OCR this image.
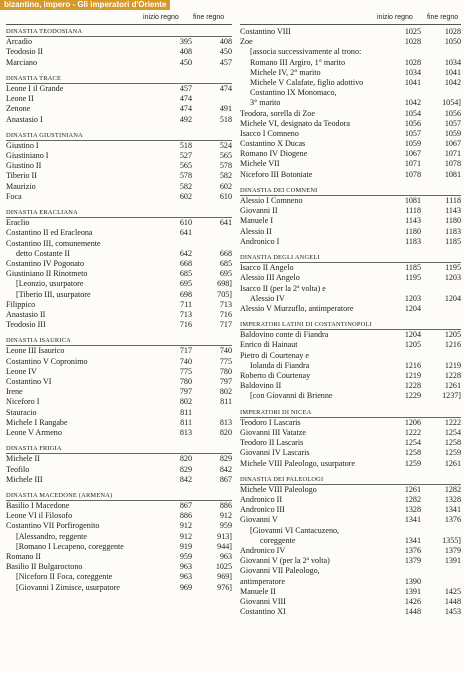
bizantino, impero - Gli imperatori d'Oriente
inizio regno fine regno	inizio regno fine regno
DINASTIA TEODOSIANA
Arcadio	395	408
Teodosio II	408	450
Marciano	450	457
DINASTIA TRACE
Leone I il Grande	457	474
Leone II	474
Zenone	474	491
Anastasio I	492	518
DINASTIA GIUSTINIANA
Giustino I	518	524
Giustiniano I	527	565
Giustino II	565	578
Tiberio II	578	582
Maurizio	582	602
Foca	602	610
DINASTIA ERACLIANA
Eraclio	610	641
Costantino II ed Eracleona	641
Costantino III, comunemente
detto Costante II	642	668
Costantino IV Pogonato	668	685
Giustiniano II Rinotmeto	685	695
[Leonzio, usurpatore	695	698]
[Tiberio III, usurpatore	698	705]
Filippico	711	713
Anastasio II	713	716
Teodosio III	716	717
DINASTIA ISAURICA
Leone III Isaurico	717	740
Costantino V Copronimo	740	775
Leone IV	775	780
Costantino VI	780	797
Irene	797	802
Niceforo I	802	811
Stauracio	811
Michele I Rangabe	811	813
Leone V Armeno	813	820
DINASTIA FRIGIA
Michele II	820	829
Teofilo	829	842
Michele III	842	867
DINASTIA MACEDONE (ARMENA)
Basilio I Macedone	867	886
Leone VI il Filosofo	886	912
Costantino VII Porfirogenito	912	959
[Alessandro, reggente	912	913]
[Romano I Lecapeno, coreggente	919	944]
Romano II	959	963
Basilio II Bulgaroctono	963	1025
[Niceforo II Foca, coreggente	963	969]
[Giovanni I Zimisce, usurpatore	969	976]
Costantino VIII	1025	1028
Zoe	1028	1050
[associa successivamente al trono:
Romano III Argiro, 1° marito	1028	1034
Michele IV, 2° marito	1034	1041
Michele V Calafate, figlio adottivo	1041	1042
Costantino IX Monomaco,
3° marito	1042	1054]
Teodora, sorella di Zoe	1054	1056
Michele VI, designato da Teodora	1056	1057
Isacco I Comneno	1057	1059
Costantino X Ducas	1059	1067
Romano IV Diogene	1067	1071
Michele VII	1071	1078
Niceforo III Botoniate	1078	1081
DINASTIA DEI COMNENI
Alessio I Comneno	1081	1118
Giovanni II	1118	1143
Manuele I	1143	1180
Alessio II	1180	1183
Andronico I	1183	1185
DINASTIA DEGLI ANGELI
Isacco II Angelo	1185	1195
Alessio III Angelo	1195	1203
Isacco II (per la 2ª volta) e
Alessio IV	1203	1204
Alessio V Murzuflo, antimperatore	1204
IMPERATORI LATINI DI COSTANTINOPOLI
Baldovino conte di Fiandra	1204	1205
Enrico di Hainaut	1205	1216
Pietro di Courtenay e
Iolanda di Fiandra	1216	1219
Roberto di Courtenay	1219	1228
Baldovino II	1228	1261
[con Giovanni di Brienne	1229	1237]
IMPERATORI DI NICEA
Teodoro I Lascaris	1206	1222
Giovanni III Vatatze	1222	1254
Teodoro II Lascaris	1254	1258
Giovanni IV Lascaris	1258	1259
Michele VIII Paleologo, usurpatore	1259	1261
DINASTIA DEI PALEOLOGI
Michele VIII Paleologo	1261	1282
Andronico II	1282	1328
Andronico III	1328	1341
Giovanni V	1341	1376
[Giovanni VI Cantacuzeno,
coreggente	1341	1355]
Andronico IV	1376	1379
Giovanni V (per la 2ª volta)	1379	1391
Giovanni VII Paleologo,
antimperatore	1390
Manuele II	1391	1425
Giovanni VIII	1426	1448
Costantino XI	1448	1453
